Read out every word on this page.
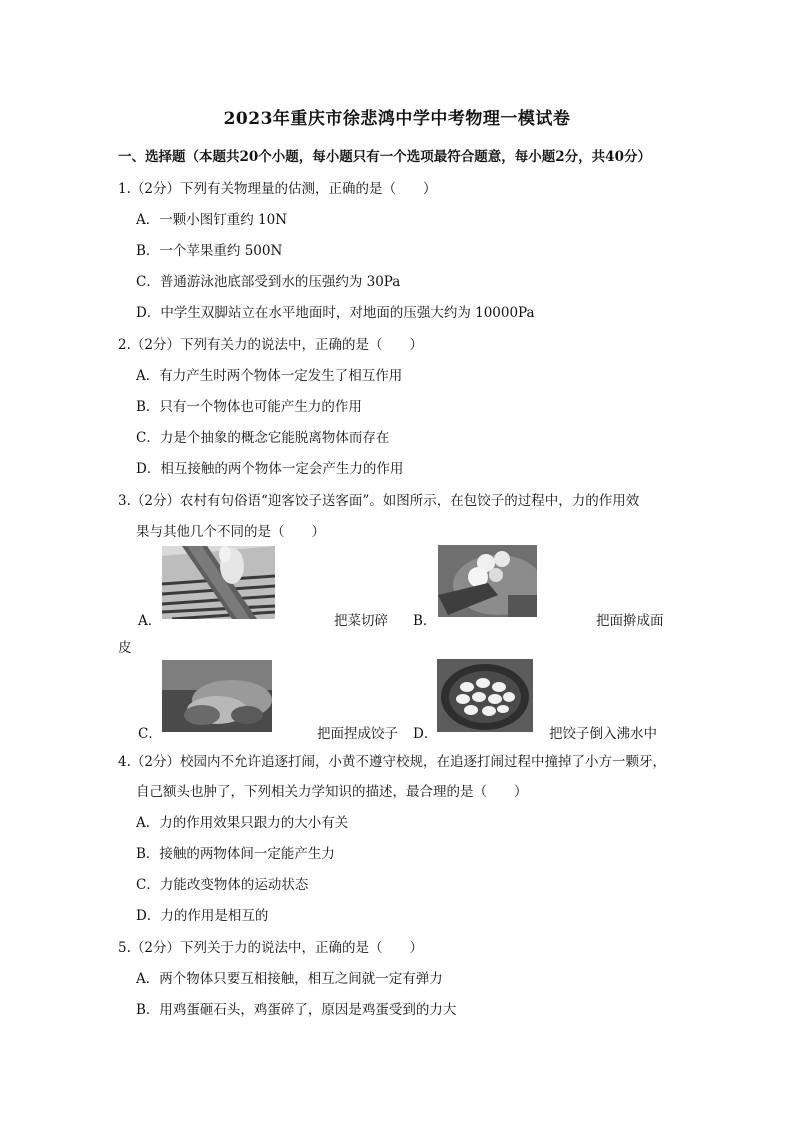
2023年重庆市徐悲鸿中学中考物理一模试卷
一、选择题（本题共20个小题，每小题只有一个选项最符合题意，每小题2分，共40分）
1.（2分）下列有关物理量的估测，正确的是（　　）
A．一颗小图钉重约 10N
B．一个苹果重约 500N
C．普通游泳池底部受到水的压强约为 30Pa
D．中学生双脚站立在水平地面时，对地面的压强大约为 10000Pa
2.（2分）下列有关力的说法中，正确的是（　　）
A．有力产生时两个物体一定发生了相互作用
B．只有一个物体也可能产生力的作用
C．力是个抽象的概念它能脱离物体而存在
D．相互接触的两个物体一定会产生力的作用
3.（2分）农村有句俗语“迎客饺子送客面”。如图所示，在包饺子的过程中，力的作用效
果与其他几个不同的是（　　）
A．	把菜切碎 B．	把面擀成面
皮
C．	把面捏成饺子 D．	把饺子倒入沸水中
4.（2分）校园内不允许追逐打闹，小黄不遵守校规，在追逐打闹过程中撞掉了小方一颗牙，
自己额头也肿了，下列相关力学知识的描述，最合理的是（　　）
A．力的作用效果只跟力的大小有关
B．接触的两物体间一定能产生力
C．力能改变物体的运动状态
D．力的作用是相互的
5.（2分）下列关于力的说法中，正确的是（　　）
A．两个物体只要互相接触，相互之间就一定有弹力
B．用鸡蛋砸石头，鸡蛋碎了，原因是鸡蛋受到的力大
